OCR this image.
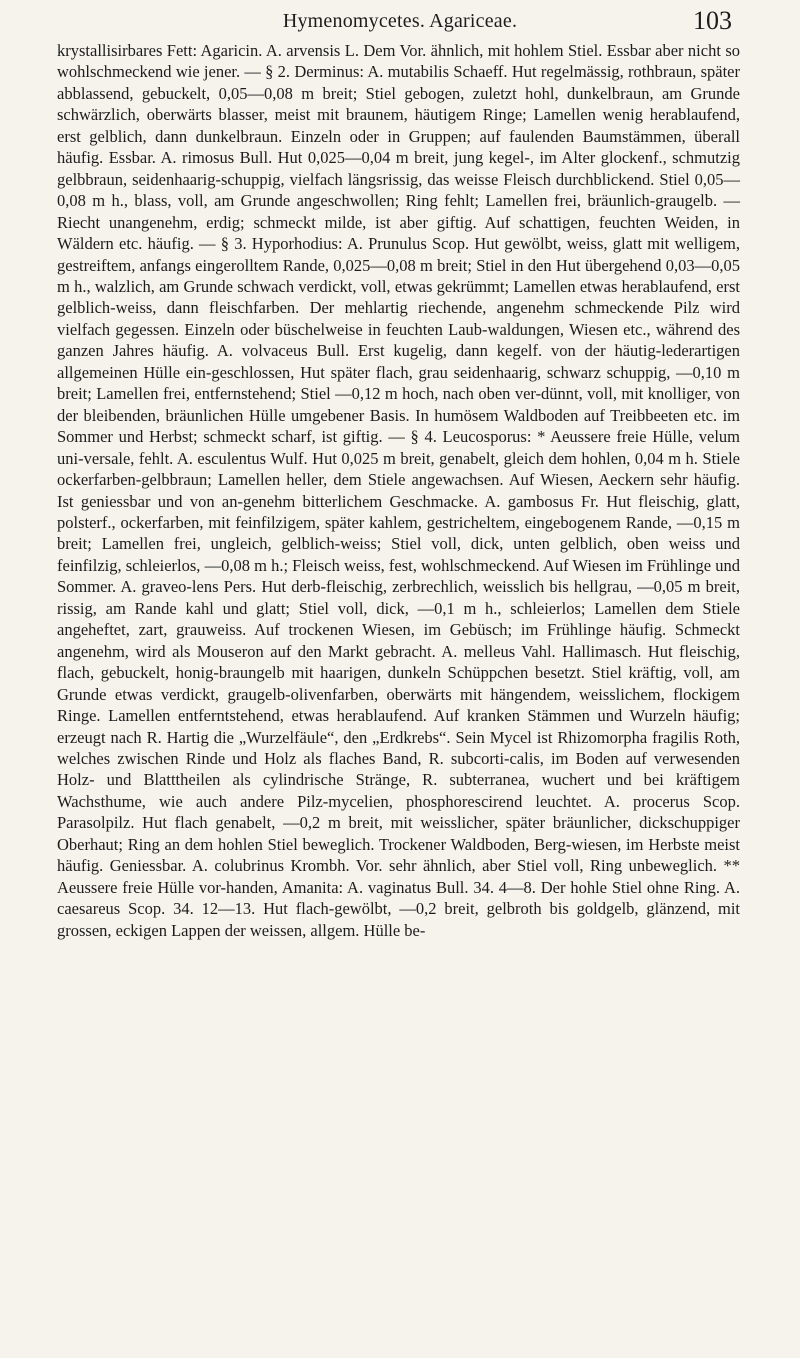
Hymenomycetes. Agariceae.	103
krystallisirbares Fett: Agaricin. A. arvensis L. Dem Vor. ähnlich, mit hohlem Stiel. Essbar aber nicht so wohlschmeckend wie jener. — § 2. Derminus: A. mutabilis Schaeff. Hut regelmässig, rothbraun, später abblassend, gebuckelt, 0,05—0,08 m breit; Stiel gebogen, zuletzt hohl, dunkelbraun, am Grunde schwärzlich, oberwärts blasser, meist mit braunem, häutigem Ringe; Lamellen wenig herablaufend, erst gelblich, dann dunkelbraun. Einzeln oder in Gruppen; auf faulenden Baumstämmen, überall häufig. Essbar. A. rimosus Bull. Hut 0,025—0,04 m breit, jung kegel-, im Alter glockenf., schmutzig gelbbraun, seidenhaarig-schuppig, vielfach längsrissig, das weisse Fleisch durchblickend. Stiel 0,05—0,08 m h., blass, voll, am Grunde angeschwollen; Ring fehlt; Lamellen frei, bräunlich-graugelb. — Riecht unangenehm, erdig; schmeckt milde, ist aber giftig. Auf schattigen, feuchten Weiden, in Wäldern etc. häufig. — § 3. Hyporhodius: A. Prunulus Scop. Hut gewölbt, weiss, glatt mit welligem, gestreiftem, anfangs eingerolltem Rande, 0,025—0,08 m breit; Stiel in den Hut übergehend 0,03—0,05 m h., walzlich, am Grunde schwach verdickt, voll, etwas gekrümmt; Lamellen etwas herablaufend, erst gelblich-weiss, dann fleischfarben. Der mehlartig riechende, angenehm schmeckende Pilz wird vielfach gegessen. Einzeln oder büschelweise in feuchten Laub-waldungen, Wiesen etc., während des ganzen Jahres häufig. A. volvaceus Bull. Erst kugelig, dann kegelf. von der häutig-lederartigen allgemeinen Hülle ein-geschlossen, Hut später flach, grau seidenhaarig, schwarz schuppig, —0,10 m breit; Lamellen frei, entfernstehend; Stiel —0,12 m hoch, nach oben ver-dünnt, voll, mit knolliger, von der bleibenden, bräunlichen Hülle umgebener Basis. In humösem Waldboden auf Treibbeeten etc. im Sommer und Herbst; schmeckt scharf, ist giftig. — § 4. Leucosporus: * Aeussere freie Hülle, velum uni-versale, fehlt. A. esculentus Wulf. Hut 0,025 m breit, genabelt, gleich dem hohlen, 0,04 m h. Stiele ockerfarben-gelbbraun; Lamellen heller, dem Stiele angewachsen. Auf Wiesen, Aeckern sehr häufig. Ist geniessbar und von an-genehm bitterlichem Geschmacke. A. gambosus Fr. Hut fleischig, glatt, polsterf., ockerfarben, mit feinfilzigem, später kahlem, gestricheltem, eingebogenem Rande, —0,15 m breit; Lamellen frei, ungleich, gelblich-weiss; Stiel voll, dick, unten gelblich, oben weiss und feinfilzig, schleierlos, —0,08 m h.; Fleisch weiss, fest, wohlschmeckend. Auf Wiesen im Frühlinge und Sommer. A. graveo-lens Pers. Hut derb-fleischig, zerbrechlich, weisslich bis hellgrau, —0,05 m breit, rissig, am Rande kahl und glatt; Stiel voll, dick, —0,1 m h., schleierlos; Lamellen dem Stiele angeheftet, zart, grauweiss. Auf trockenen Wiesen, im Gebüsch; im Frühlinge häufig. Schmeckt angenehm, wird als Mouseron auf den Markt gebracht. A. melleus Vahl. Hallimasch. Hut fleischig, flach, gebuckelt, honig-braungelb mit haarigen, dunkeln Schüppchen besetzt. Stiel kräftig, voll, am Grunde etwas verdickt, graugelb-olivenfarben, oberwärts mit hängendem, weisslichem, flockigem Ringe. Lamellen entferntstehend, etwas herablaufend. Auf kranken Stämmen und Wurzeln häufig; erzeugt nach R. Hartig die „Wurzelfäule“, den „Erdkrebs“. Sein Mycel ist Rhizomorpha fragilis Roth, welches zwischen Rinde und Holz als flaches Band, R. subcorti-calis, im Boden auf verwesenden Holz- und Blatttheilen als cylindrische Stränge, R. subterranea, wuchert und bei kräftigem Wachsthume, wie auch andere Pilz-mycelien, phosphorescirend leuchtet. A. procerus Scop. Parasolpilz. Hut flach genabelt, —0,2 m breit, mit weisslicher, später bräunlicher, dickschuppiger Oberhaut; Ring an dem hohlen Stiel beweglich. Trockener Waldboden, Berg-wiesen, im Herbste meist häufig. Geniessbar. A. colubrinus Krombh. Vor. sehr ähnlich, aber Stiel voll, Ring unbeweglich. ** Aeussere freie Hülle vor-handen, Amanita: A. vaginatus Bull. 34. 4—8. Der hohle Stiel ohne Ring. A. caesareus Scop. 34. 12—13. Hut flach-gewölbt, —0,2 breit, gelbroth bis goldgelb, glänzend, mit grossen, eckigen Lappen der weissen, allgem. Hülle be-
